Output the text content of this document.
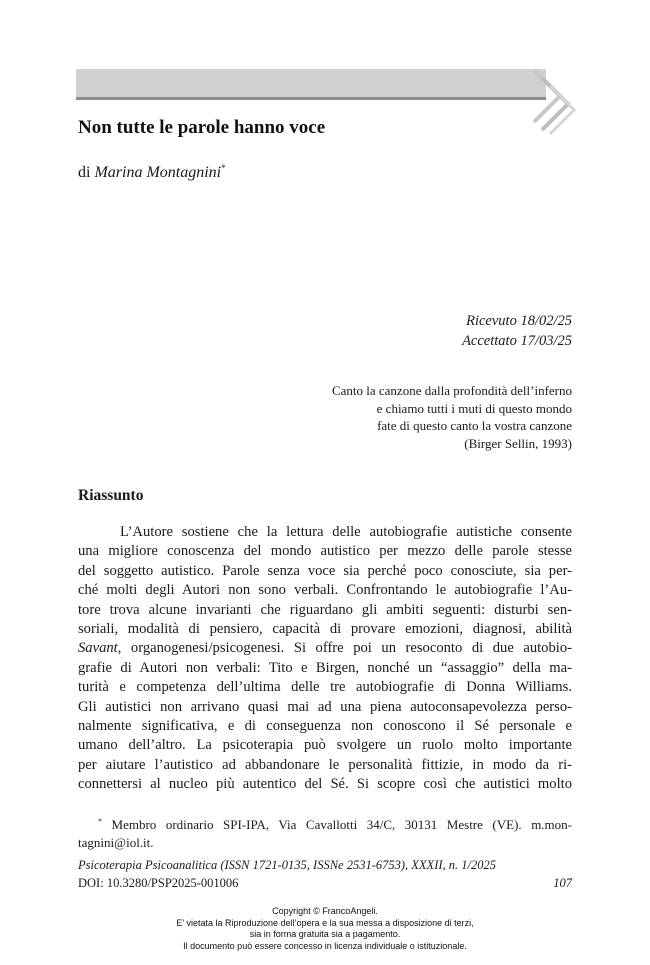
Non tutte le parole hanno voce
di Marina Montagnini*
Ricevuto 18/02/25
Accettato 17/03/25
Canto la canzone dalla profondità dell’inferno
e chiamo tutti i muti di questo mondo
fate di questo canto la vostra canzone
(Birger Sellin, 1993)
Riassunto
L’Autore sostiene che la lettura delle autobiografie autistiche consente
una migliore conoscenza del mondo autistico per mezzo delle parole stesse
del soggetto autistico. Parole senza voce sia perché poco conosciute, sia per-
ché molti degli Autori non sono verbali. Confrontando le autobiografie l’Au-
tore trova alcune invarianti che riguardano gli ambiti seguenti: disturbi sen-
soriali, modalità di pensiero, capacità di provare emozioni, diagnosi, abilità
Savant, organogenesi/psicogenesi. Si offre poi un resoconto di due autobio-
grafie di Autori non verbali: Tito e Birgen, nonché un “assaggio” della ma-
turità e competenza dell’ultima delle tre autobiografie di Donna Williams.
Gli autistici non arrivano quasi mai ad una piena autoconsapevolezza perso-
nalmente significativa, e di conseguenza non conoscono il Sé personale e
umano dell’altro. La psicoterapia può svolgere un ruolo molto importante
per aiutare l’autistico ad abbandonare le personalità fittizie, in modo da ri-
connettersi al nucleo più autentico del Sé. Si scopre così che autistici molto
* Membro ordinario SPI-IPA, Via Cavallotti 34/C, 30131 Mestre (VE). m.mon-
tagnini@iol.it.
Psicoterapia Psicoanalitica (ISSN 1721-0135, ISSNe 2531-6753), XXXII, n. 1/2025
DOI: 10.3280/PSP2025-001006	107
Copyright © FrancoAngeli.
E’ vietata la Riproduzione dell’opera e la sua messa a disposizione di terzi,
sia in forma gratuita sia a pagamento.
Il documento può essere concesso in licenza individuale o istituzionale.
